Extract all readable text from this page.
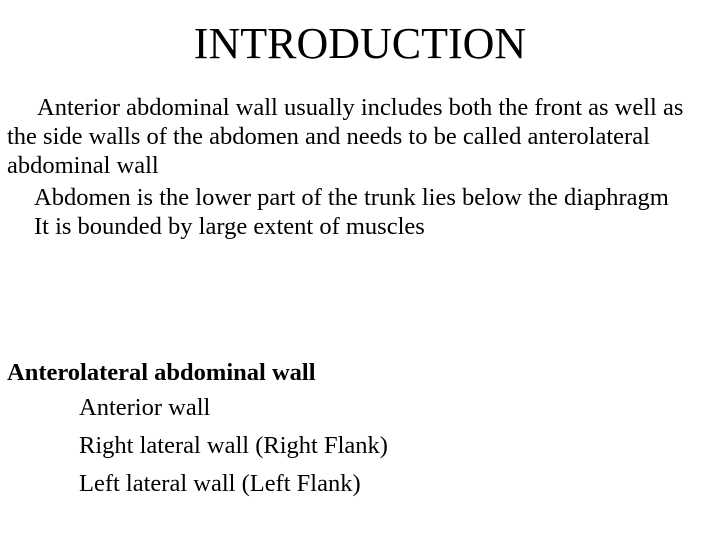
INTRODUCTION

Anterior abdominal wall usually includes both the front as well as the side walls of the abdomen and needs to be called anterolateral abdominal wall

Abdomen is the lower part of the trunk lies below the diaphragm

It is bounded by large extent of muscles

Anterolateral abdominal wall

Anterior wall
Right lateral wall (Right Flank)
Left lateral wall (Left Flank)
